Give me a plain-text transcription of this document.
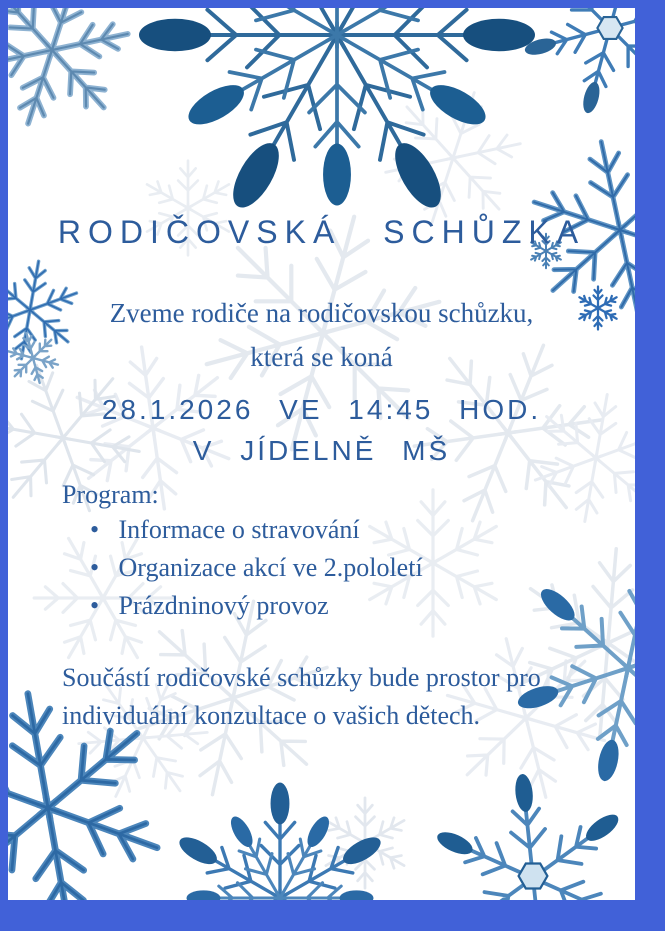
RODIČOVSKÁ SCHŮZKA

Zveme rodiče na rodičovskou schůzku,
která se koná

28.1.2026 VE 14:45 HOD.
V JÍDELNĚ MŠ

Program:

• Informace o stravování
• Organizace akcí ve 2.pololetí
• Prázdninový provoz

Součástí rodičovské schůzky bude prostor pro
individuální konzultace o vašich dětech.
